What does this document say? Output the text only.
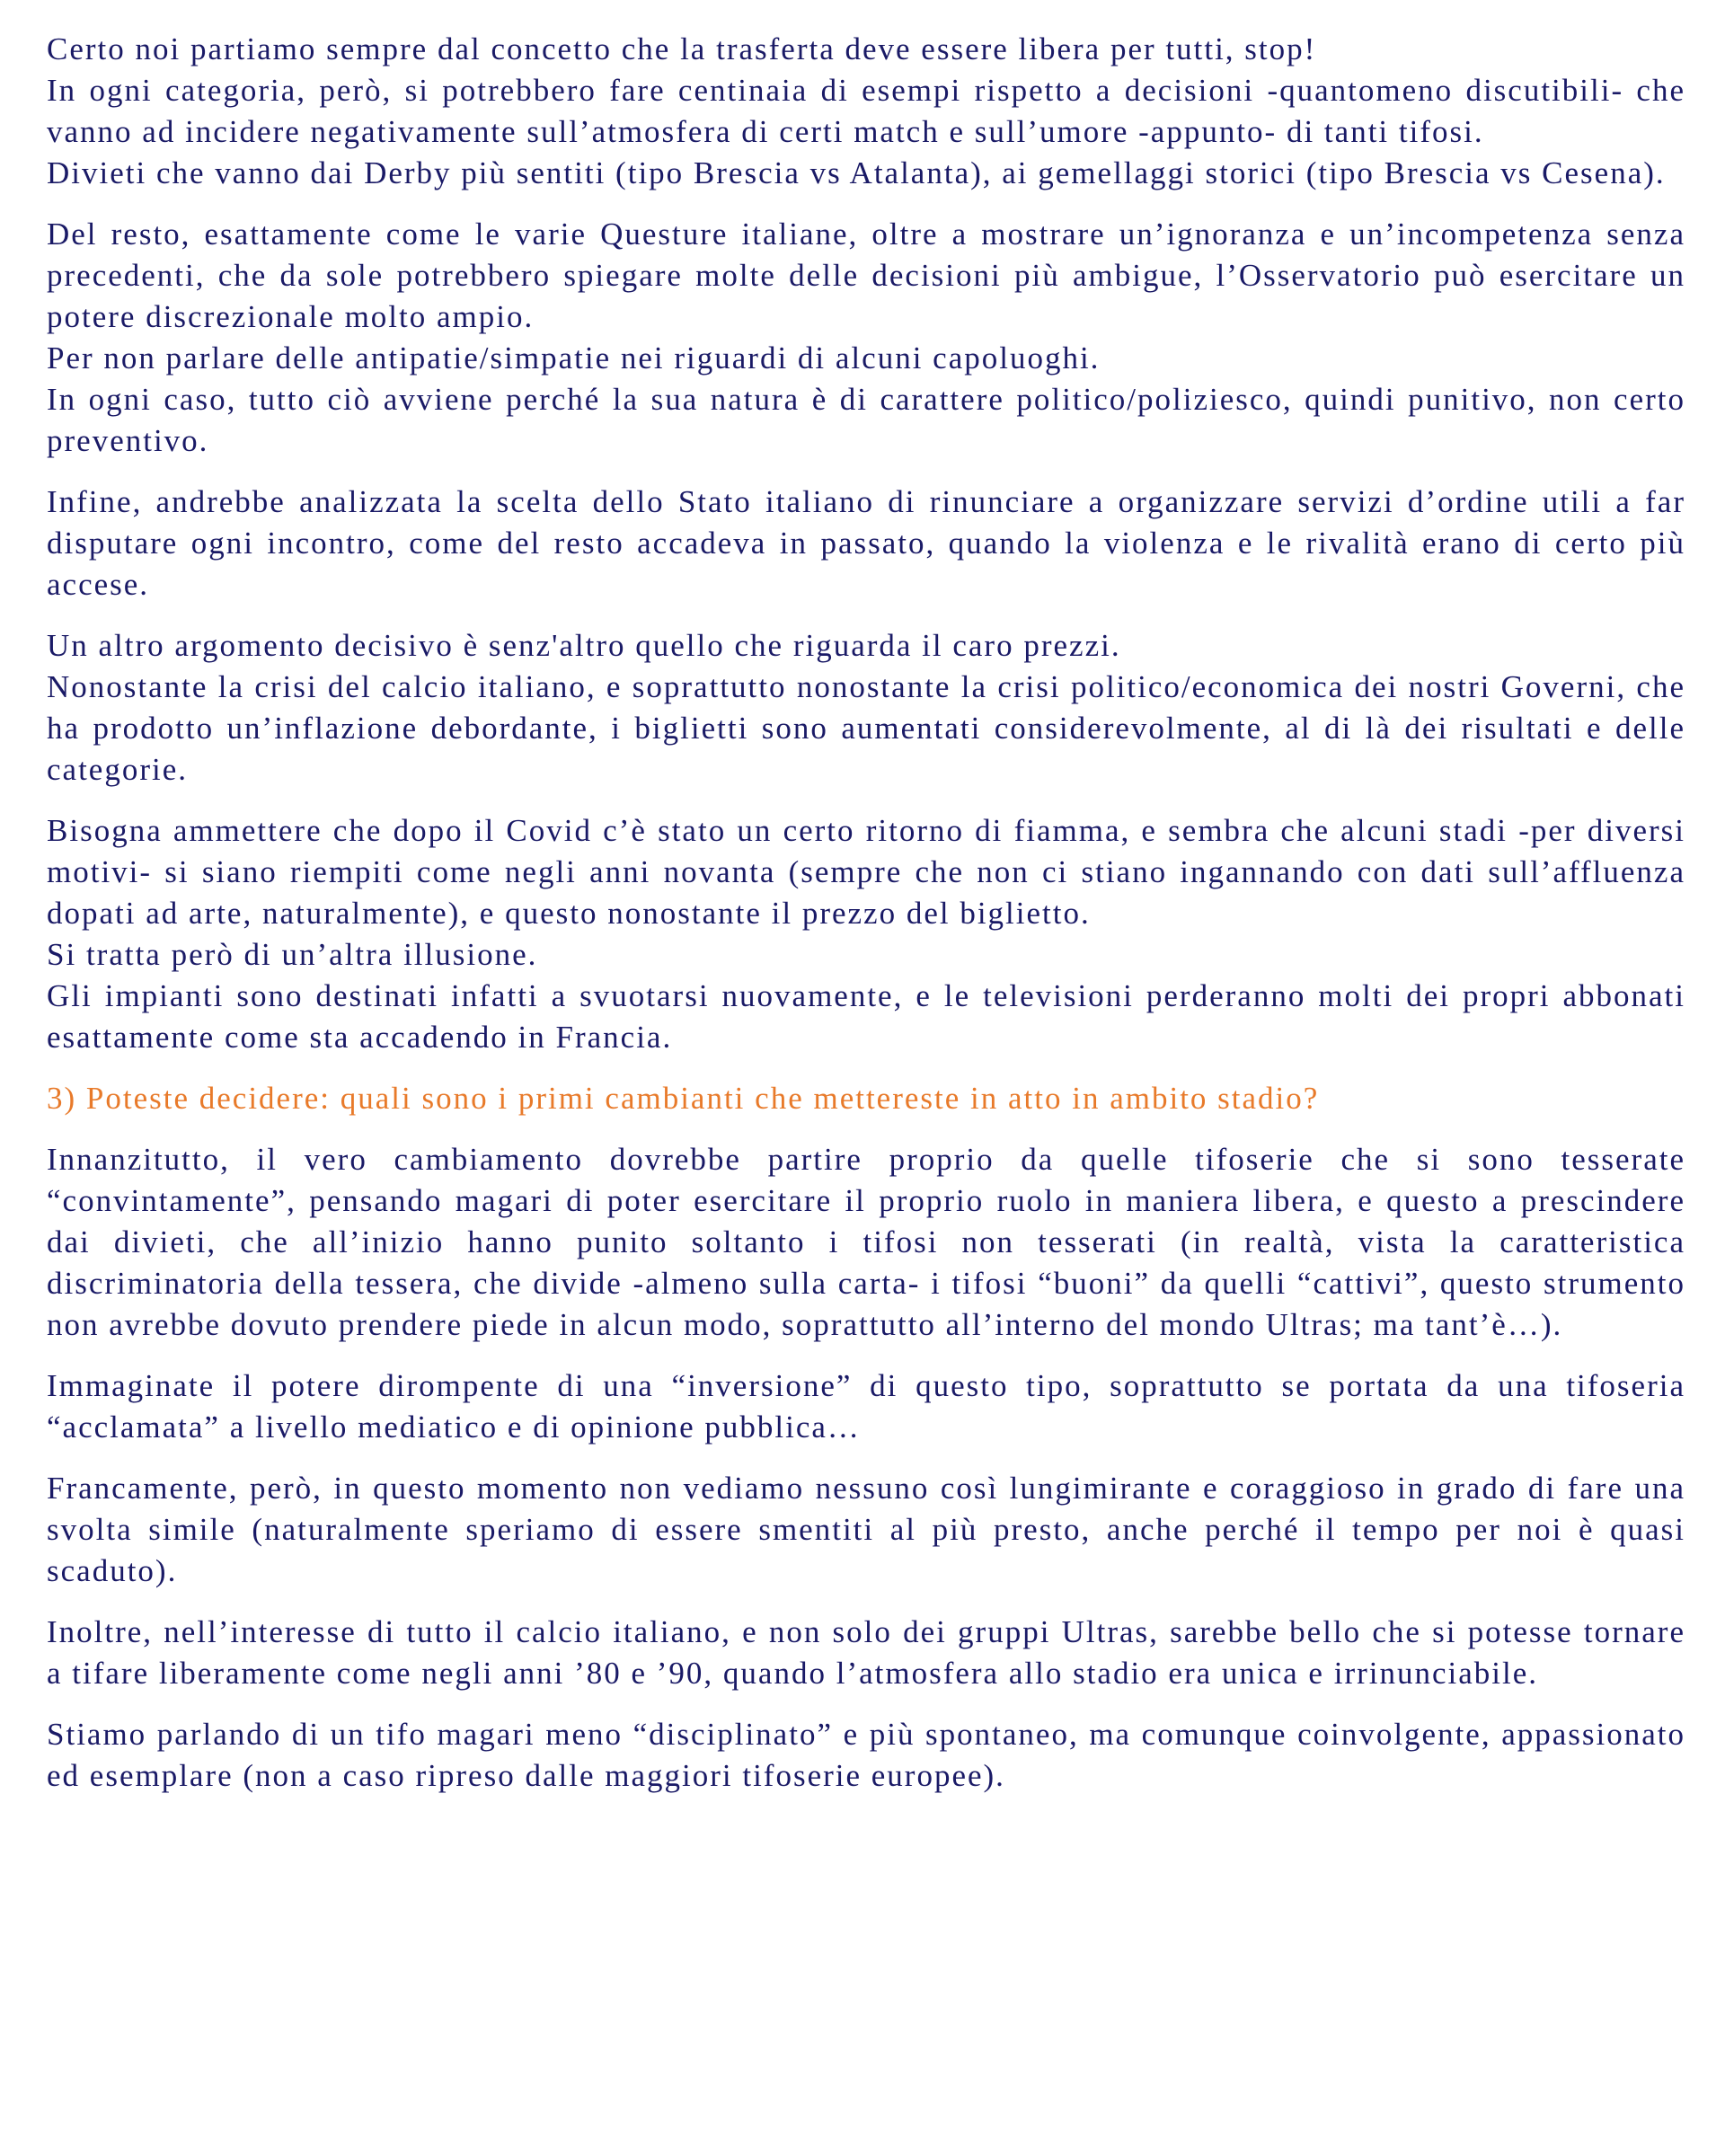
Certo noi partiamo sempre dal concetto che la trasferta deve essere libera per tutti, stop!
In ogni categoria, però, si potrebbero fare centinaia di esempi rispetto a decisioni -quantomeno discutibili- che vanno ad incidere negativamente sull’atmosfera di certi match e sull’umore -appunto- di tanti tifosi.
Divieti che vanno dai Derby più sentiti (tipo Brescia vs Atalanta), ai gemellaggi storici (tipo Brescia vs Cesena).
Del resto, esattamente come le varie Questure italiane, oltre a mostrare un’ignoranza e un’incompetenza senza precedenti, che da sole potrebbero spiegare molte delle decisioni più ambigue, l’Osservatorio può esercitare un potere discrezionale molto ampio.
Per non parlare delle antipatie/simpatie nei riguardi di alcuni capoluoghi.
In ogni caso, tutto ciò avviene perché la sua natura è di carattere politico/poliziesco, quindi punitivo, non certo preventivo.
Infine, andrebbe analizzata la scelta dello Stato italiano di rinunciare a organizzare servizi d’ordine utili a far disputare ogni incontro, come del resto accadeva in passato, quando la violenza e le rivalità erano di certo più accese.
Un altro argomento decisivo è senz'altro quello che riguarda il caro prezzi.
Nonostante la crisi del calcio italiano, e soprattutto nonostante la crisi politico/economica dei nostri Governi, che ha prodotto un’inflazione debordante, i biglietti sono aumentati considerevolmente, al di là dei risultati e delle categorie.
Bisogna ammettere che dopo il Covid c’è stato un certo ritorno di fiamma, e sembra che alcuni stadi -per diversi motivi- si siano riempiti come negli anni novanta (sempre che non ci stiano ingannando con dati sull’affluenza dopati ad arte, naturalmente), e questo nonostante il prezzo del biglietto.
Si tratta però di un’altra illusione.
Gli impianti sono destinati infatti a svuotarsi nuovamente, e le televisioni perderanno molti dei propri abbonati esattamente come sta accadendo in Francia.
3) Poteste decidere: quali sono i primi cambianti che mettereste in atto in ambito stadio?
Innanzitutto, il vero cambiamento dovrebbe partire proprio da quelle tifoserie che si sono tesserate “convintamente”, pensando magari di poter esercitare il proprio ruolo in maniera libera, e questo a prescindere dai divieti, che all’inizio hanno punito soltanto i tifosi non tesserati (in realtà, vista la caratteristica discriminatoria della tessera, che divide -almeno sulla carta- i tifosi “buoni” da quelli “cattivi”, questo strumento non avrebbe dovuto prendere piede in alcun modo, soprattutto all’interno del mondo Ultras; ma tant’è…).
Immaginate il potere dirompente di una “inversione” di questo tipo, soprattutto se portata da una tifoseria “acclamata” a livello mediatico e di opinione pubblica…
Francamente, però, in questo momento non vediamo nessuno così lungimirante e coraggioso in grado di fare una svolta simile (naturalmente speriamo di essere smentiti al più presto, anche perché il tempo per noi è quasi scaduto).
Inoltre, nell’interesse di tutto il calcio italiano, e non solo dei gruppi Ultras, sarebbe bello che si potesse tornare a tifare liberamente come negli anni ’80 e ’90, quando l’atmosfera allo stadio era unica e irrinunciabile.
Stiamo parlando di un tifo magari meno “disciplinato” e più spontaneo, ma comunque coinvolgente, appassionato ed esemplare (non a caso ripreso dalle maggiori tifoserie europee).
